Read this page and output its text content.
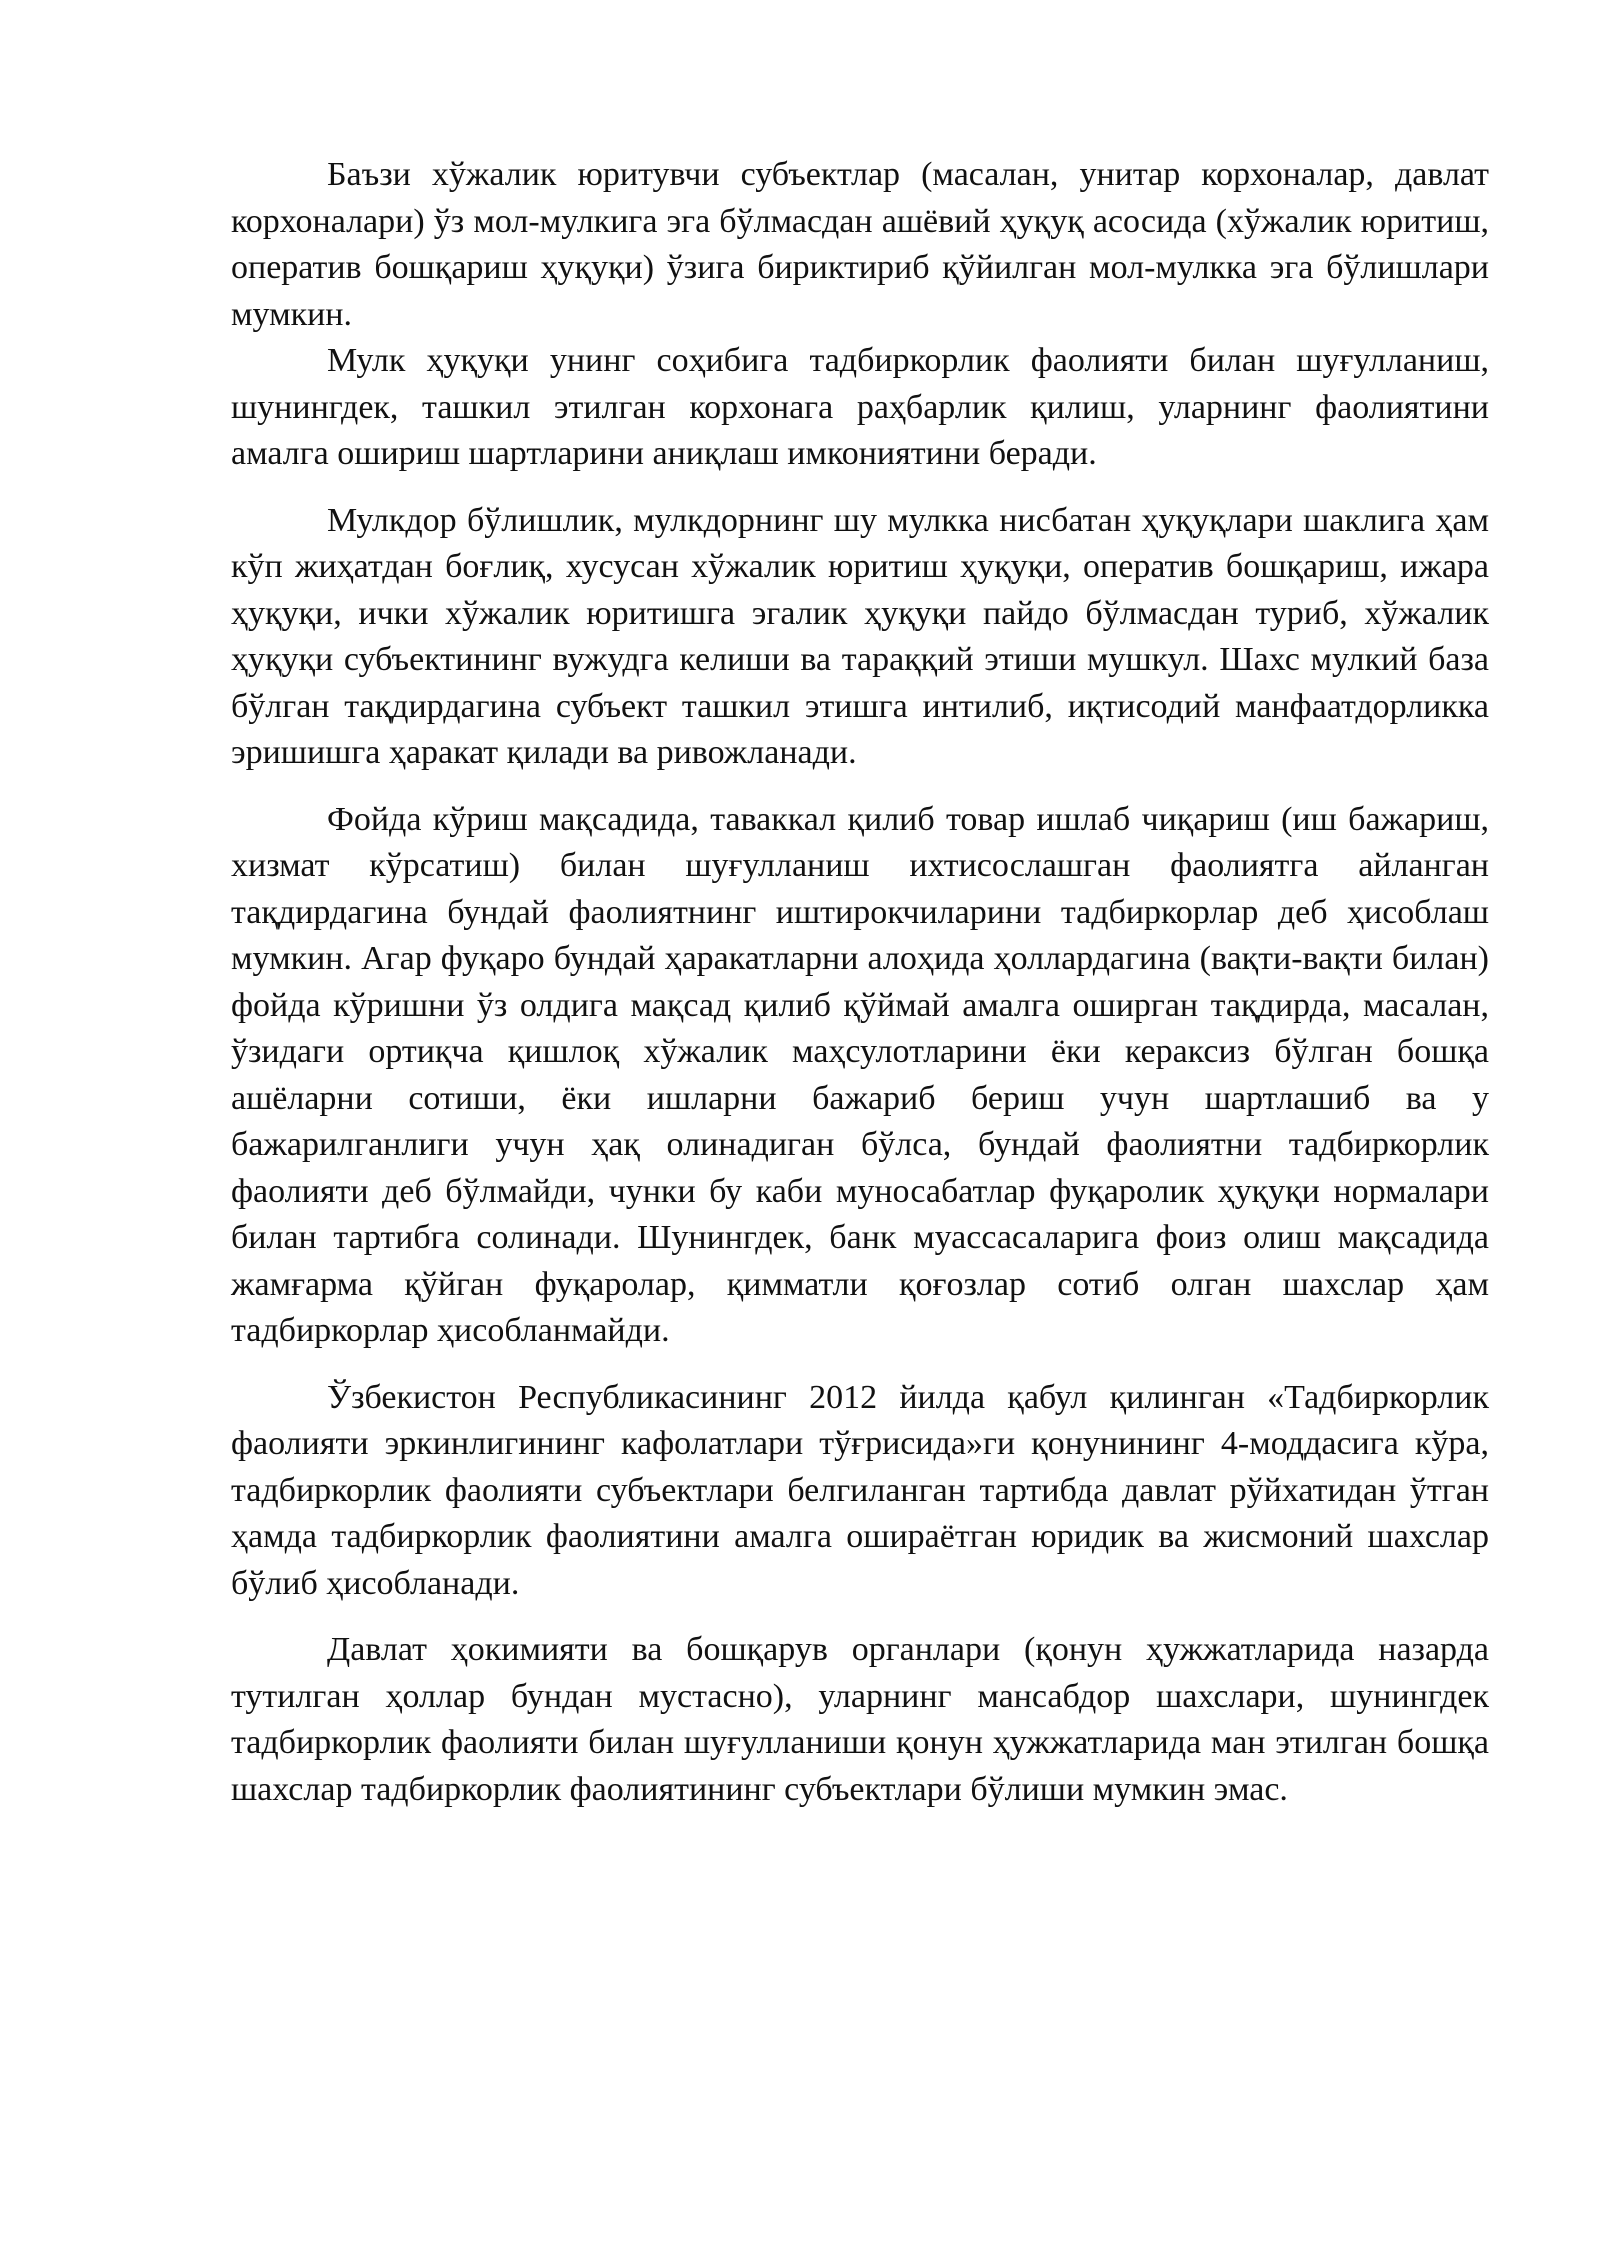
Баъзи хўжалик юритувчи субъектлар (масалан, унитар корхоналар, давлат корхоналари) ўз мол-мулкига эга бўлмасдан ашёвий ҳуқуқ асосида (хўжалик юритиш, оператив бошқариш ҳуқуқи) ўзига бириктириб қўйилган мол-мулкка эга бўлишлари мумкин.

Мулк ҳуқуқи унинг соҳибига тадбиркорлик фаолияти билан шуғулланиш, шунингдек, ташкил этилган корхонага раҳбарлик қилиш, уларнинг фаолиятини амалга ошириш шартларини аниқлаш имкониятини беради.

Мулкдор бўлишлик, мулкдорнинг шу мулкка нисбатан ҳуқуқлари шаклига ҳам кўп жиҳатдан боғлиқ, хусусан хўжалик юритиш ҳуқуқи, оператив бошқариш, ижара ҳуқуқи, ички хўжалик юритишга эгалик ҳуқуқи пайдо бўлмасдан туриб, хўжалик ҳуқуқи субъектининг вужудга келиши ва тараққий этиши мушкул. Шахс мулкий база бўлган тақдирдагина субъект ташкил этишга интилиб, иқтисодий манфаатдорликка эришишга ҳаракат қилади ва ривожланади.

Фойда кўриш мақсадида, таваккал қилиб товар ишлаб чиқариш (иш бажариш, хизмат кўрсатиш) билан шуғулланиш ихтисослашган фаолиятга айланган тақдирдагина бундай фаолиятнинг иштирокчиларини тадбиркорлар деб ҳисоблаш мумкин. Агар фуқаро бундай ҳаракатларни алоҳида ҳоллардагина (вақти-вақти билан) фойда кўришни ўз олдига мақсад қилиб қўймай амалга оширган тақдирда, масалан, ўзидаги ортиқча қишлоқ хўжалик маҳсулотларини ёки кераксиз бўлган бошқа ашёларни сотиши, ёки ишларни бажариб бериш учун шартлашиб ва у бажарилганлиги учун ҳақ олинадиган бўлса, бундай фаолиятни тадбиркорлик фаолияти деб бўлмайди, чунки бу каби муносабатлар фуқаролик ҳуқуқи нормалари билан тартибга солинади. Шунингдек, банк муассасаларига фоиз олиш мақсадида жамғарма қўйган фуқаролар, қимматли қоғозлар сотиб олган шахслар ҳам тадбиркорлар ҳисобланмайди.

Ўзбекистон Республикасининг 2012 йилда қабул қилинган «Тадбиркорлик фаолияти эркинлигининг кафолатлари тўғрисида»ги қонунининг 4-моддасига кўра, тадбиркорлик фаолияти субъектлари белгиланган тартибда давлат рўйхатидан ўтган ҳамда тадбиркорлик фаолиятини амалга ошираётган юридик ва жисмоний шахслар бўлиб ҳисобланади.

Давлат ҳокимияти ва бошқарув органлари (қонун ҳужжатларида назарда тутилган ҳоллар бундан мустасно), уларнинг мансабдор шахслари, шунингдек тадбиркорлик фаолияти билан шуғулланиши қонун ҳужжатларида ман этилган бошқа шахслар тадбиркорлик фаолиятининг субъектлари бўлиши мумкин эмас.
